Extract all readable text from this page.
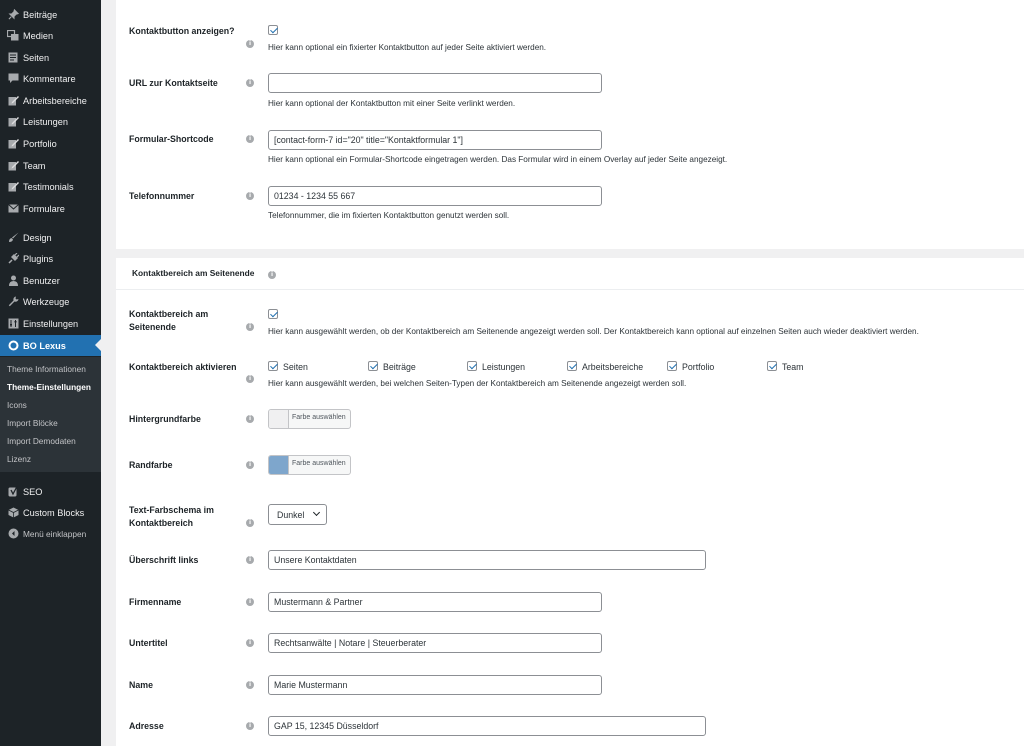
Beiträge
Medien
Seiten
Kommentare
Arbeitsbereiche
Leistungen
Portfolio
Team
Testimonials
Formulare
Design
Plugins
Benutzer
Werkzeuge
Einstellungen
BO Lexus
Theme Informationen
Theme-Einstellungen
Icons
Import Blöcke
Import Demodaten
Lizenz
SEO
Custom Blocks
Menü einklappen
Kontaktbutton anzeigen?
i	Hier kann optional ein fixierter Kontaktbutton auf jeder Seite aktiviert werden.
URL zur Kontaktseite	i
Hier kann optional der Kontaktbutton mit einer Seite verlinkt werden.
Formular-Shortcode	i
[contact-form-7 id="20" title="Kontaktformular 1"]
Hier kann optional ein Formular-Shortcode eingetragen werden. Das Formular wird in einem Overlay auf jeder Seite angezeigt.
Telefonnummer	i
01234 - 1234 55 667
Telefonnummer, die im fixierten Kontaktbutton genutzt werden soll.
Kontaktbereich am Seitenende	i
Kontaktbereich am
Seitenende	i
Hier kann ausgewählt werden, ob der Kontaktbereich am Seitenende angezeigt werden soll. Der Kontaktbereich kann optional auf einzelnen Seiten auch wieder deaktiviert werden.
Kontaktbereich aktivieren
i
Seiten	Beiträge	Leistungen	Arbeitsbereiche	Portfolio	Team
Hier kann ausgewählt werden, bei welchen Seiten-Typen der Kontaktbereich am Seitenende angezeigt werden soll.
Hintergrundfarbe	i	Farbe auswählen
Randfarbe	i	Farbe auswählen
Text-Farbschema im
Kontaktbereich	i
Dunkel
Überschrift links	i
Unsere Kontaktdaten
Firmenname	i
Mustermann & Partner
Untertitel	i
Rechtsanwälte | Notare | Steuerberater
Name	i
Marie Mustermann
Adresse	i
GAP 15, 12345 Düsseldorf
